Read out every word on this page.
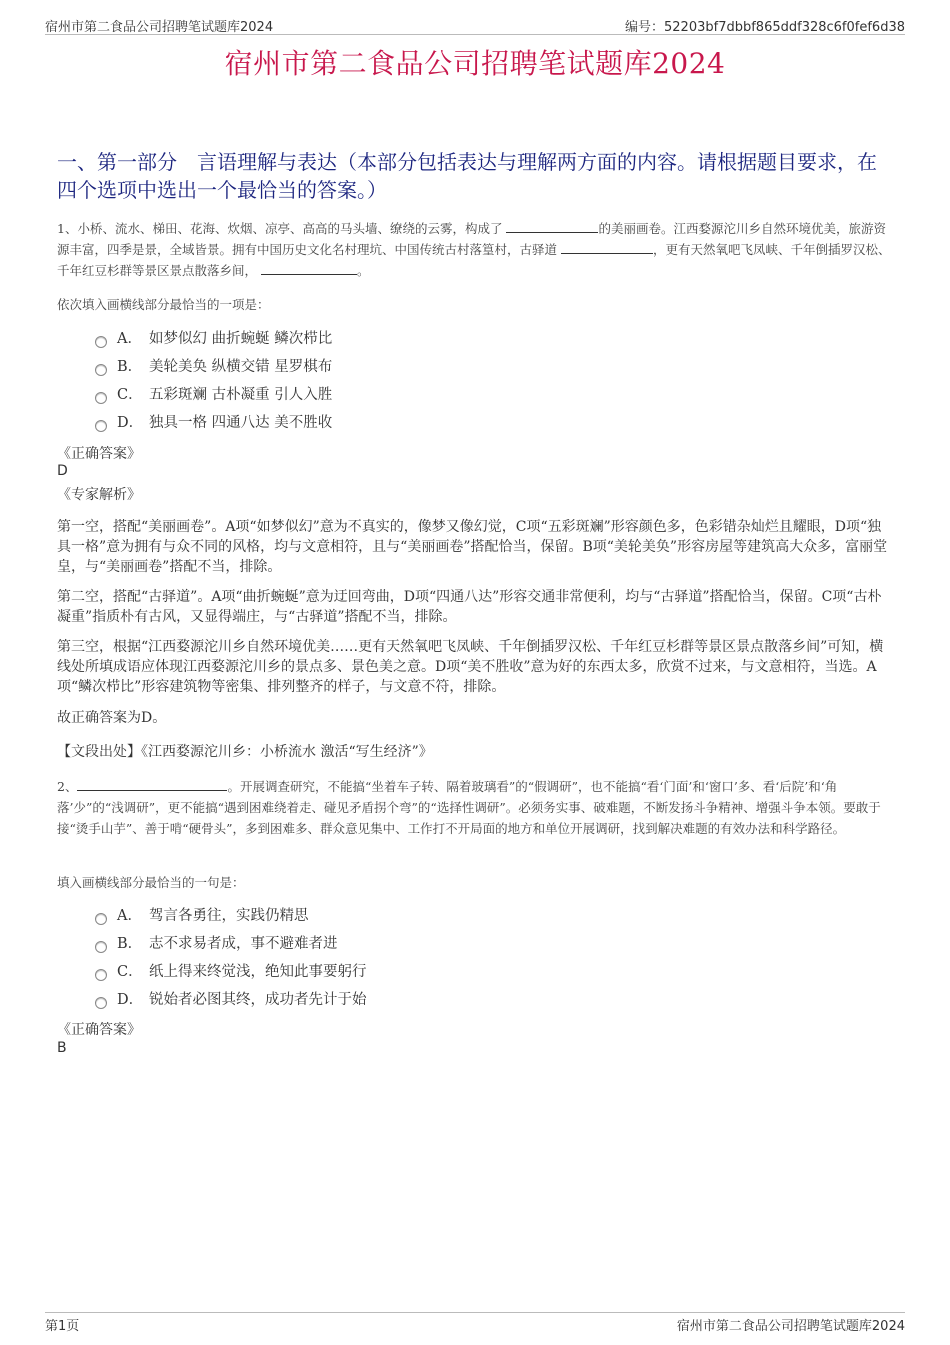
宿州市第二食品公司招聘笔试题库2024	编号：52203bf7dbbf865ddf328c6f0fef6d38
宿州市第二食品公司招聘笔试题库2024
一、第一部分　言语理解与表达（本部分包括表达与理解两方面的内容。请根据题目要求，在四个选项中选出一个最恰当的答案。）
1、小桥、流水、梯田、花海、炊烟、凉亭、高高的马头墙、缭绕的云雾，构成了	的美丽画卷。江西婺源沱川乡自然环境优美，旅游资源丰富，四季是景，全域皆景。拥有中国历史文化名村理坑、中国传统古村落篁村，古驿道	，更有天然氧吧飞凤峡、千年倒插罗汉松、千年红豆杉群等景区景点散落乡间，	。
依次填入画横线部分最恰当的一项是：
A． 如梦似幻 曲折蜿蜒 鳞次栉比
B． 美轮美奂 纵横交错 星罗棋布
C． 五彩斑斓 古朴凝重 引人入胜
D． 独具一格 四通八达 美不胜收
《正确答案》
D
《专家解析》
第一空，搭配“美丽画卷”。A项“如梦似幻”意为不真实的，像梦又像幻觉，C项“五彩斑斓”形容颜色多，色彩错杂灿烂且耀眼，D项“独具一格”意为拥有与众不同的风格，均与文意相符，且与“美丽画卷”搭配恰当，保留。B项“美轮美奂”形容房屋等建筑高大众多，富丽堂皇，与“美丽画卷”搭配不当，排除。
第二空，搭配“古驿道”。A项“曲折蜿蜒”意为迂回弯曲，D项“四通八达”形容交通非常便利，均与“古驿道”搭配恰当，保留。C项“古朴凝重”指质朴有古风，又显得端庄，与“古驿道”搭配不当，排除。
第三空，根据“江西婺源沱川乡自然环境优美……更有天然氧吧飞凤峡、千年倒插罗汉松、千年红豆杉群等景区景点散落乡间”可知，横线处所填成语应体现江西婺源沱川乡的景点多、景色美之意。D项“美不胜收”意为好的东西太多，欣赏不过来，与文意相符，当选。A项“鳞次栉比”形容建筑物等密集、排列整齐的样子，与文意不符，排除。
故正确答案为D。
【文段出处】《江西婺源沱川乡：小桥流水 激活“写生经济”》
2、	。开展调查研究，不能搞“坐着车子转、隔着玻璃看”的“假调研”，也不能搞“看‘门面’和‘窗口’多、看‘后院’和‘角落’少”的“浅调研”，更不能搞“遇到困难绕着走、碰见矛盾拐个弯”的“选择性调研”。必须务实事、破难题，不断发扬斗争精神、增强斗争本领。要敢于接“烫手山芋”、善于啃“硬骨头”，多到困难多、群众意见集中、工作打不开局面的地方和单位开展调研，找到解决难题的有效办法和科学路径。
填入画横线部分最恰当的一句是：
A． 驾言各勇往，实践仍精思
B． 志不求易者成，事不避难者进
C． 纸上得来终觉浅，绝知此事要躬行
D． 锐始者必图其终，成功者先计于始
《正确答案》
B
第1页	宿州市第二食品公司招聘笔试题库2024
